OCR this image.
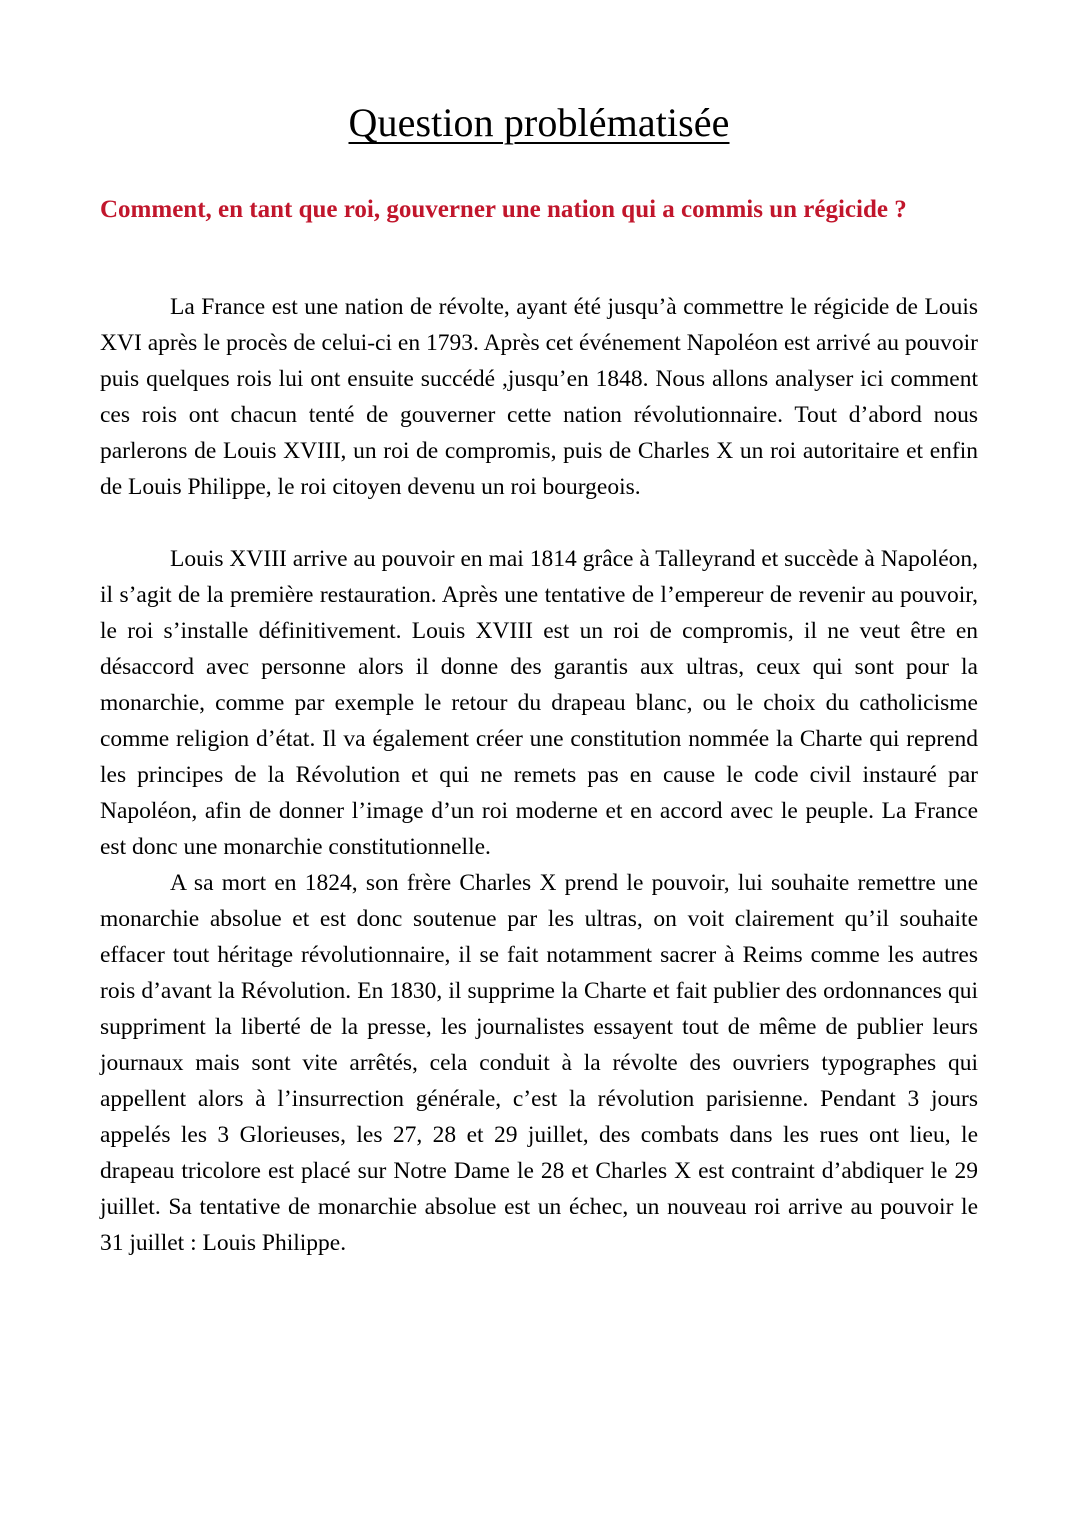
Question problématisée
Comment, en tant que roi, gouverner une nation qui a commis un régicide ?

La France est une nation de révolte, ayant été jusqu’à commettre le régicide de Louis XVI après le procès de celui-ci en 1793. Après cet événement Napoléon est arrivé au pouvoir puis quelques rois lui ont ensuite succédé ,jusqu’en 1848. Nous allons analyser ici comment ces rois ont chacun tenté de gouverner cette nation révolutionnaire. Tout d’abord nous parlerons de Louis XVIII, un roi de compromis, puis de Charles X un roi autoritaire et enfin de Louis Philippe, le roi citoyen devenu un roi bourgeois.

Louis XVIII arrive au pouvoir en mai 1814 grâce à Talleyrand et succède à Napoléon, il s’agit de la première restauration. Après une tentative de l’empereur de revenir au pouvoir, le roi s’installe définitivement. Louis XVIII est un roi de compromis, il ne veut être en désaccord avec personne alors il donne des garantis aux ultras, ceux qui sont pour la monarchie, comme par exemple le retour du drapeau blanc, ou le choix du catholicisme comme religion d’état. Il va également créer une constitution nommée la Charte qui reprend les principes de la Révolution et qui ne remets pas en cause le code civil instauré par Napoléon, afin de donner l’image d’un roi moderne et en accord avec le peuple. La France est donc une monarchie constitutionnelle.

A sa mort en 1824, son frère Charles X prend le pouvoir, lui souhaite remettre une monarchie absolue et est donc soutenue par les ultras, on voit clairement qu’il souhaite effacer tout héritage révolutionnaire, il se fait notamment sacrer à Reims comme les autres rois d’avant la Révolution. En 1830, il supprime la Charte et fait publier des ordonnances qui suppriment la liberté de la presse, les journalistes essayent tout de même de publier leurs journaux mais sont vite arrêtés, cela conduit à la révolte des ouvriers typographes qui appellent alors à l’insurrection générale, c’est la révolution parisienne. Pendant 3 jours appelés les 3 Glorieuses, les 27, 28 et 29 juillet, des combats dans les rues ont lieu, le drapeau tricolore est placé sur Notre Dame le 28 et Charles X est contraint d’abdiquer le 29 juillet. Sa tentative de monarchie absolue est un échec, un nouveau roi arrive au pouvoir le 31 juillet : Louis Philippe.
